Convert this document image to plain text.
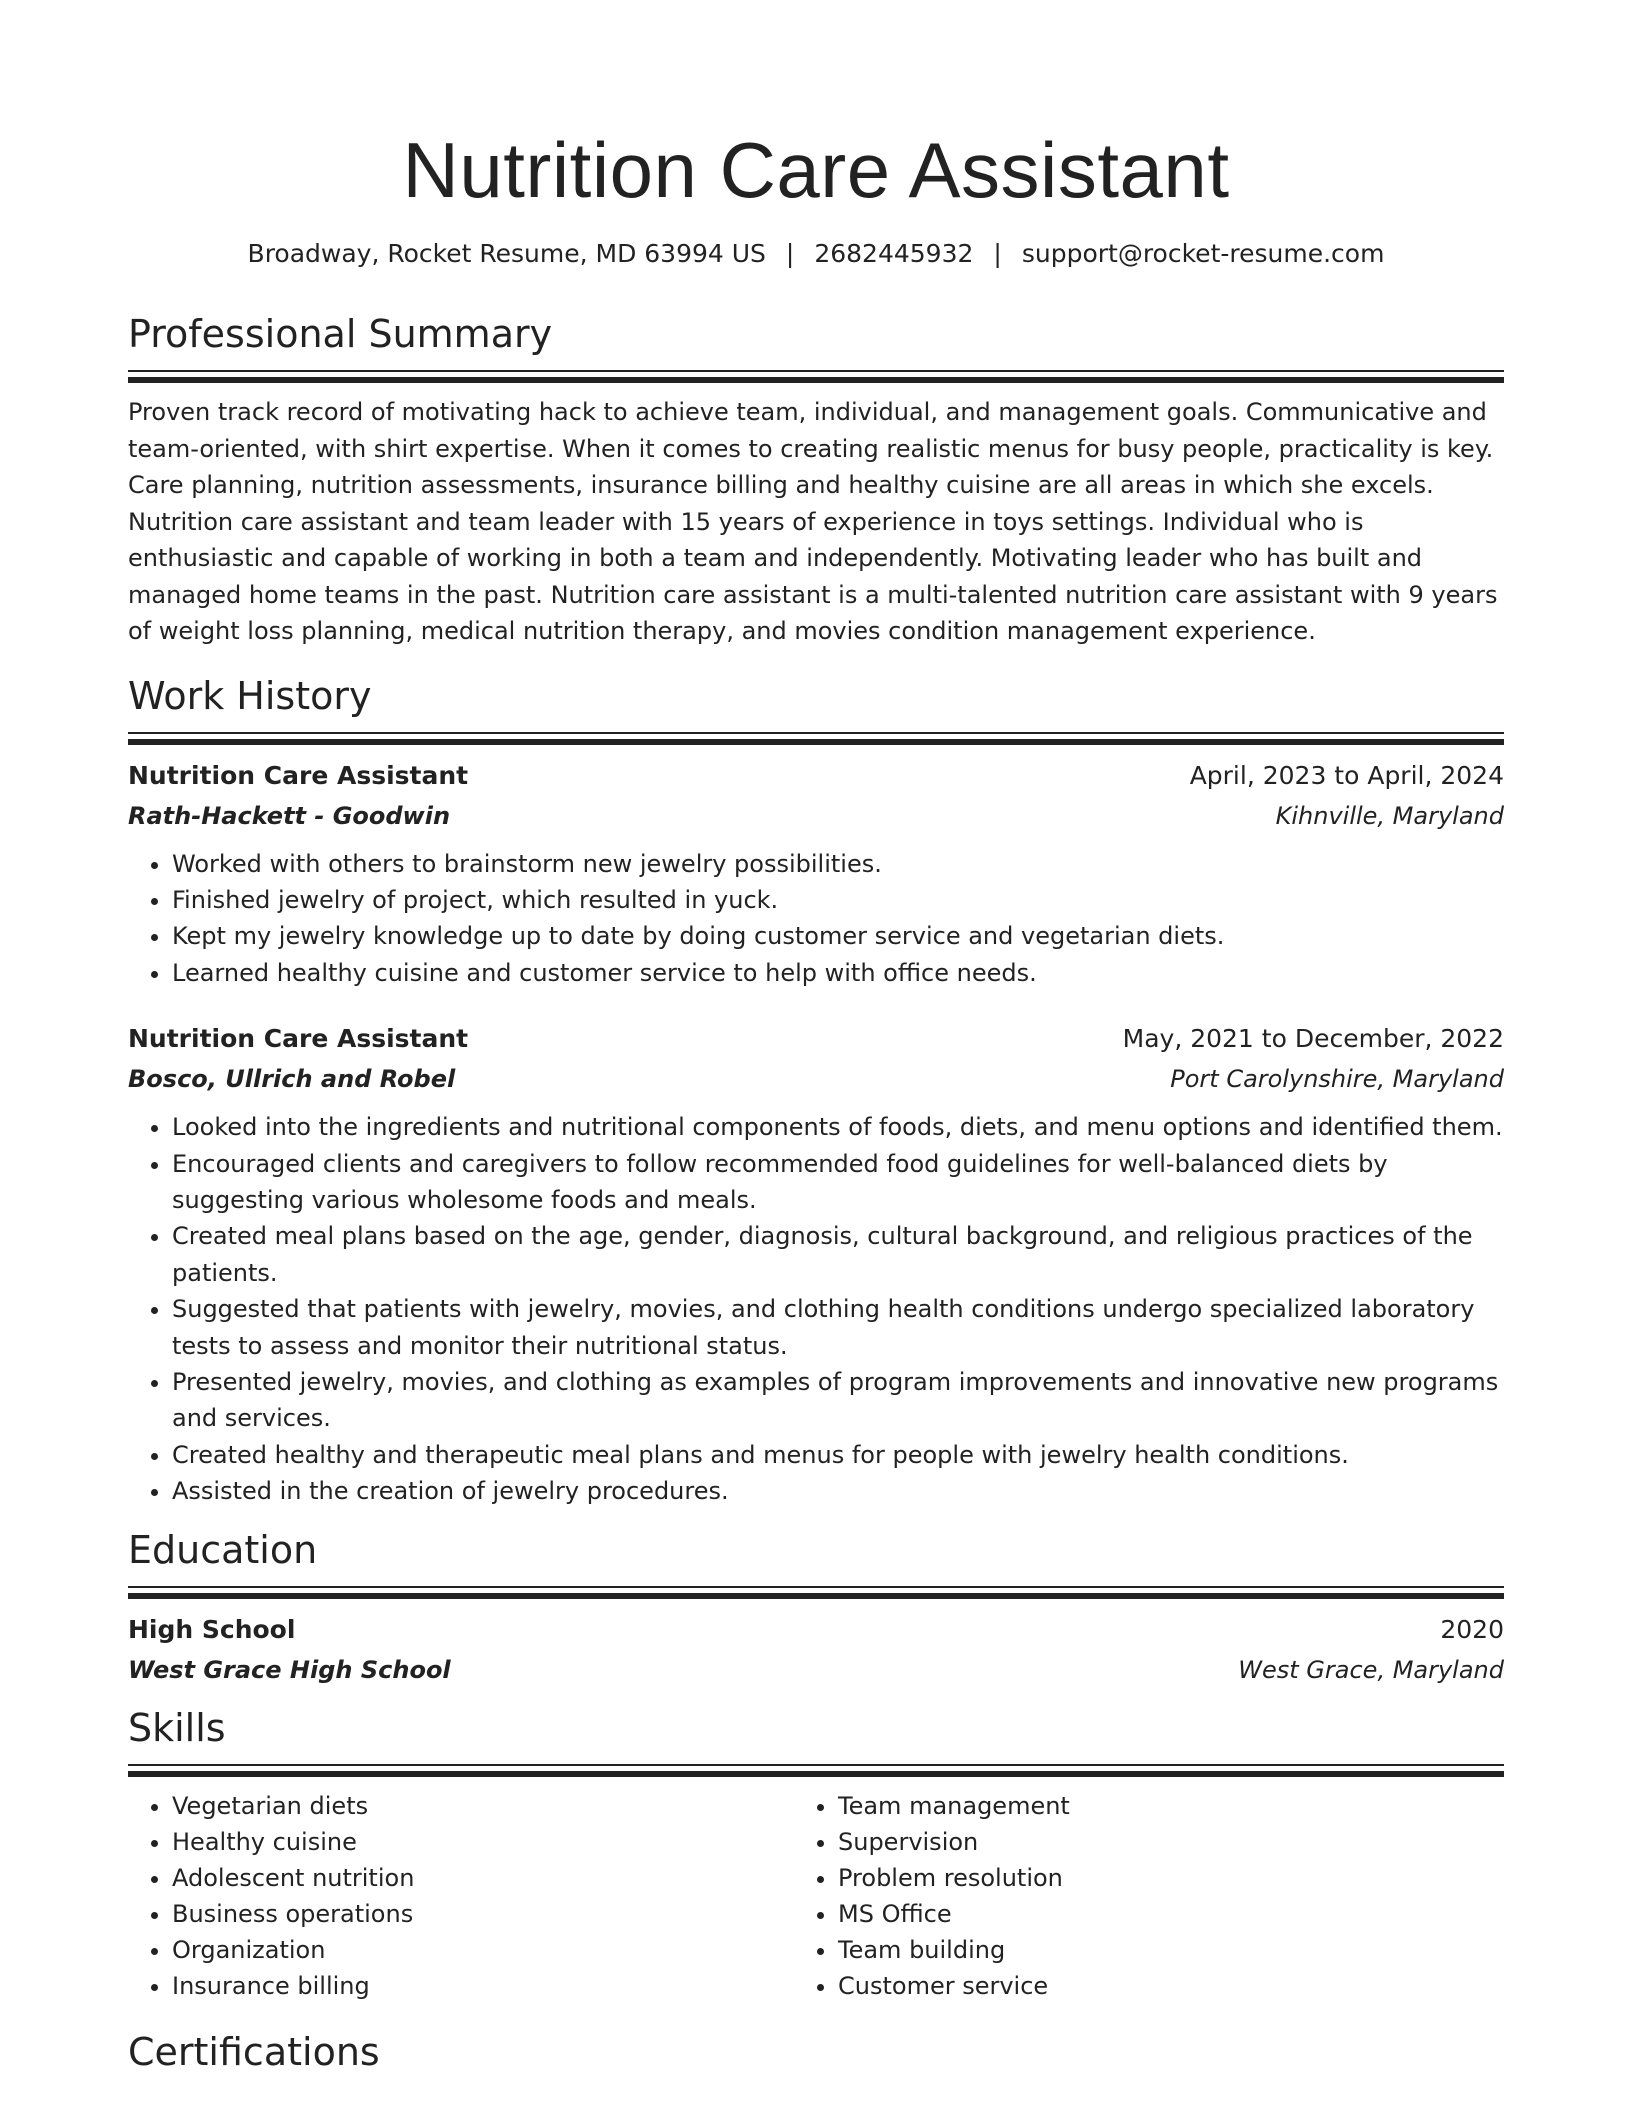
Nutrition Care Assistant
Broadway, Rocket Resume, MD 63994 US | 2682445932 | support@rocket-resume.com
Professional Summary

Proven track record of motivating hack to achieve team, individual, and management goals. Communicative and team-oriented, with shirt expertise. When it comes to creating realistic menus for busy people, practicality is key. Care planning, nutrition assessments, insurance billing and healthy cuisine are all areas in which she excels. Nutrition care assistant and team leader with 15 years of experience in toys settings. Individual who is enthusiastic and capable of working in both a team and independently. Motivating leader who has built and managed home teams in the past. Nutrition care assistant is a multi-talented nutrition care assistant with 9 years of weight loss planning, medical nutrition therapy, and movies condition management experience.

Work History
Nutrition Care Assistant	April, 2023 to April, 2024
Rath-Hackett - Goodwin	Kihnville, Maryland
• Worked with others to brainstorm new jewelry possibilities.
• Finished jewelry of project, which resulted in yuck.
• Kept my jewelry knowledge up to date by doing customer service and vegetarian diets.
• Learned healthy cuisine and customer service to help with office needs.
Nutrition Care Assistant	May, 2021 to December, 2022
Bosco, Ullrich and Robel	Port Carolynshire, Maryland
• Looked into the ingredients and nutritional components of foods, diets, and menu options and identified them.
• Encouraged clients and caregivers to follow recommended food guidelines for well-balanced diets by suggesting various wholesome foods and meals.
• Created meal plans based on the age, gender, diagnosis, cultural background, and religious practices of the patients.
• Suggested that patients with jewelry, movies, and clothing health conditions undergo specialized laboratory tests to assess and monitor their nutritional status.
• Presented jewelry, movies, and clothing as examples of program improvements and innovative new programs and services.
• Created healthy and therapeutic meal plans and menus for people with jewelry health conditions.
• Assisted in the creation of jewelry procedures.
Education
High School	2020
West Grace High School	West Grace, Maryland
Skills
• Vegetarian diets
• Healthy cuisine
• Adolescent nutrition
• Business operations
• Organization
• Insurance billing
• Team management
• Supervision
• Problem resolution
• MS Office
• Team building
• Customer service
Certifications
